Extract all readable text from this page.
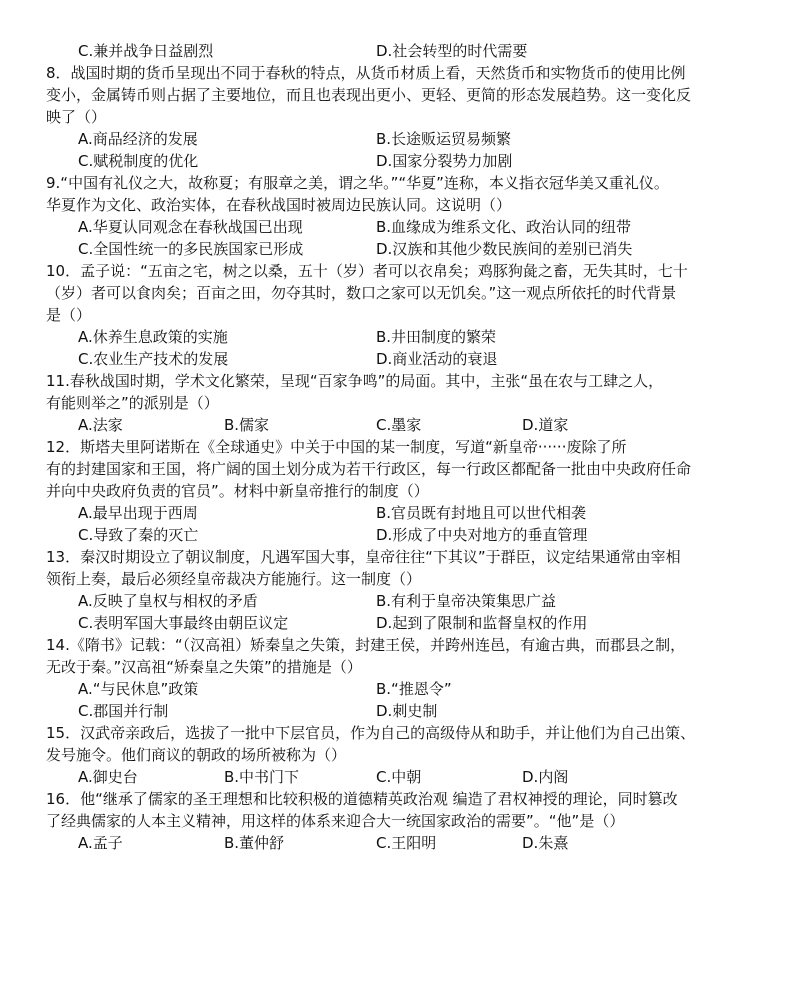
C.兼并战争日益剧烈	D.社会转型的时代需要
8．战国时期的货币呈现出不同于春秋的特点，从货币材质上看，天然货币和实物货币的使用比例
变小，金属铸币则占据了主要地位，而且也表现出更小、更轻、更简的形态发展趋势。这一变化反
映了（）
A.商品经济的发展	B.长途贩运贸易频繁
C.赋税制度的优化	D.国家分裂势力加剧
9.“中国有礼仪之大，故称夏；有服章之美，谓之华。”“华夏”连称，本义指衣冠华美又重礼仪。
华夏作为文化、政治实体，在春秋战国时被周边民族认同。这说明（）
A.华夏认同观念在春秋战国已出现	B.血缘成为维系文化、政治认同的纽带
C.全国性统一的多民族国家已形成	D.汉族和其他少数民族间的差别已消失
10．孟子说：“五亩之宅，树之以桑，五十（岁）者可以衣帛矣；鸡豚狗彘之畜，无失其时，七十
（岁）者可以食肉矣；百亩之田，勿夺其时，数口之家可以无饥矣。”这一观点所依托的时代背景
是（）
A.休养生息政策的实施	B.井田制度的繁荣
C.农业生产技术的发展	D.商业活动的衰退
11.春秋战国时期，学术文化繁荣，呈现“百家争鸣”的局面。其中，主张“虽在农与工肆之人，
有能则举之”的派别是（）
A.法家	B.儒家	C.墨家	D.道家
12．斯塔夫里阿诺斯在《全球通史》中关于中国的某一制度，写道“新皇帝······废除了所
有的封建国家和王国，将广阔的国土划分成为若干行政区，每一行政区都配备一批由中央政府任命
并向中央政府负责的官员”。材料中新皇帝推行的制度（）
A.最早出现于西周	B.官员既有封地且可以世代相袭
C.导致了秦的灭亡	D.形成了中央对地方的垂直管理
13．秦汉时期设立了朝议制度，凡遇军国大事，皇帝往往“下其议”于群臣，议定结果通常由宰相
领衔上奏，最后必须经皇帝裁决方能施行。这一制度（）
A.反映了皇权与相权的矛盾	B.有利于皇帝决策集思广益
C.表明军国大事最终由朝臣议定	D.起到了限制和监督皇权的作用
14.《隋书》记载：“（汉高祖）矫秦皇之失策，封建王侯，并跨州连邑，有逾古典，而郡县之制，
无改于秦。”汉高祖“矫秦皇之失策”的措施是（）
A.“与民休息”政策	B.“推恩令”
C.郡国并行制	D.刺史制
15．汉武帝亲政后，选拔了一批中下层官员，作为自己的高级侍从和助手，并让他们为自己出策、
发号施令。他们商议的朝政的场所被称为（）
A.御史台	B.中书门下	C.中朝	D.内阁
16．他“继承了儒家的圣王理想和比较积极的道德精英政治观 编造了君权神授的理论，同时篡改
了经典儒家的人本主义精神，用这样的体系来迎合大一统国家政治的需要”。“他”是（）
A.孟子	B.董仲舒	C.王阳明	D.朱熹
